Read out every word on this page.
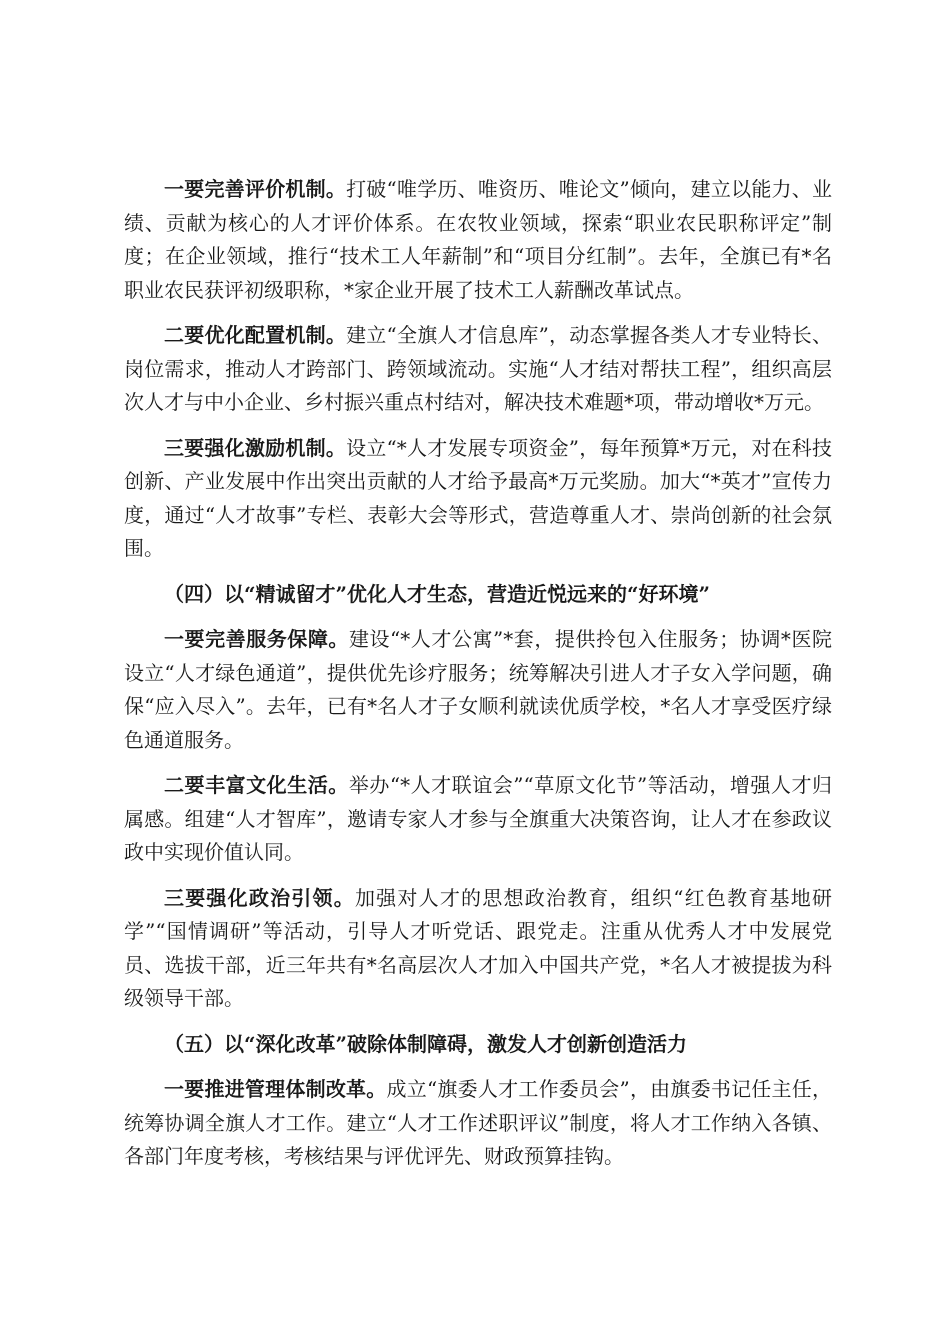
一要完善评价机制。打破“唯学历、唯资历、唯论文”倾向，建立以能力、业绩、贡献为核心的人才评价体系。在农牧业领域，探索“职业农民职称评定”制度；在企业领域，推行“技术工人年薪制”和“项目分红制”。去年，全旗已有*名职业农民获评初级职称，*家企业开展了技术工人薪酬改革试点。

二要优化配置机制。建立“全旗人才信息库”，动态掌握各类人才专业特长、岗位需求，推动人才跨部门、跨领域流动。实施“人才结对帮扶工程”，组织高层次人才与中小企业、乡村振兴重点村结对，解决技术难题*项，带动增收*万元。

三要强化激励机制。设立“*人才发展专项资金”，每年预算*万元，对在科技创新、产业发展中作出突出贡献的人才给予最高*万元奖励。加大“*英才”宣传力度，通过“人才故事”专栏、表彰大会等形式，营造尊重人才、崇尚创新的社会氛围。

（四）以“精诚留才”优化人才生态，营造近悦远来的“好环境”

一要完善服务保障。建设“*人才公寓”*套，提供拎包入住服务；协调*医院设立“人才绿色通道”，提供优先诊疗服务；统筹解决引进人才子女入学问题，确保“应入尽入”。去年，已有*名人才子女顺利就读优质学校，*名人才享受医疗绿色通道服务。

二要丰富文化生活。举办“*人才联谊会”“草原文化节”等活动，增强人才归属感。组建“人才智库”，邀请专家人才参与全旗重大决策咨询，让人才在参政议政中实现价值认同。

三要强化政治引领。加强对人才的思想政治教育，组织“红色教育基地研学”“国情调研”等活动，引导人才听党话、跟党走。注重从优秀人才中发展党员、选拔干部，近三年共有*名高层次人才加入中国共产党，*名人才被提拔为科级领导干部。

（五）以“深化改革”破除体制障碍，激发人才创新创造活力

一要推进管理体制改革。成立“旗委人才工作委员会”，由旗委书记任主任，统筹协调全旗人才工作。建立“人才工作述职评议”制度，将人才工作纳入各镇、各部门年度考核，考核结果与评优评先、财政预算挂钩。
